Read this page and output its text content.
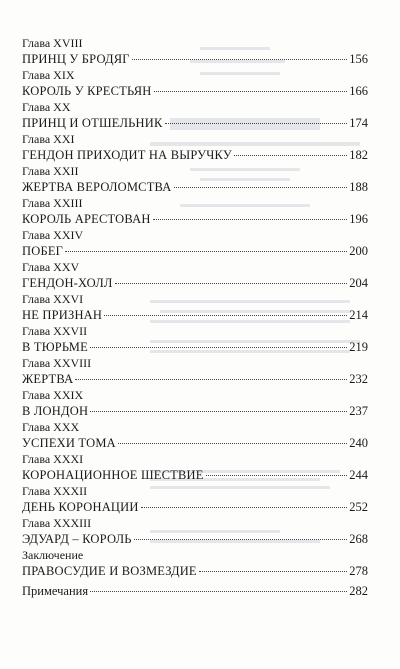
Глава XVIII
ПРИНЦ У БРОДЯГ	156
Глава XIX
КОРОЛЬ У КРЕСТЬЯН	166
Глава XX
ПРИНЦ И ОТШЕЛЬНИК	174
Глава XXI
ГЕНДОН ПРИХОДИТ НА ВЫРУЧКУ	182
Глава XXII
ЖЕРТВА ВЕРОЛОМСТВА	188
Глава XXIII
КОРОЛЬ АРЕСТОВАН	196
Глава XXIV
ПОБЕГ	200
Глава XXV
ГЕНДОН-ХОЛЛ	204
Глава XXVI
НЕ ПРИЗНАН	214
Глава XXVII
В ТЮРЬМЕ	219
Глава XXVIII
ЖЕРТВА	232
Глава XXIX
В ЛОНДОН	237
Глава XXX
УСПЕХИ ТОМА	240
Глава XXXI
КОРОНАЦИОННОЕ ШЕСТВИЕ	244
Глава XXXII
ДЕНЬ КОРОНАЦИИ	252
Глава XXXIII
ЭДУАРД – КОРОЛЬ	268
Заключение
ПРАВОСУДИЕ И ВОЗМЕЗДИЕ	278
Примечания	282
